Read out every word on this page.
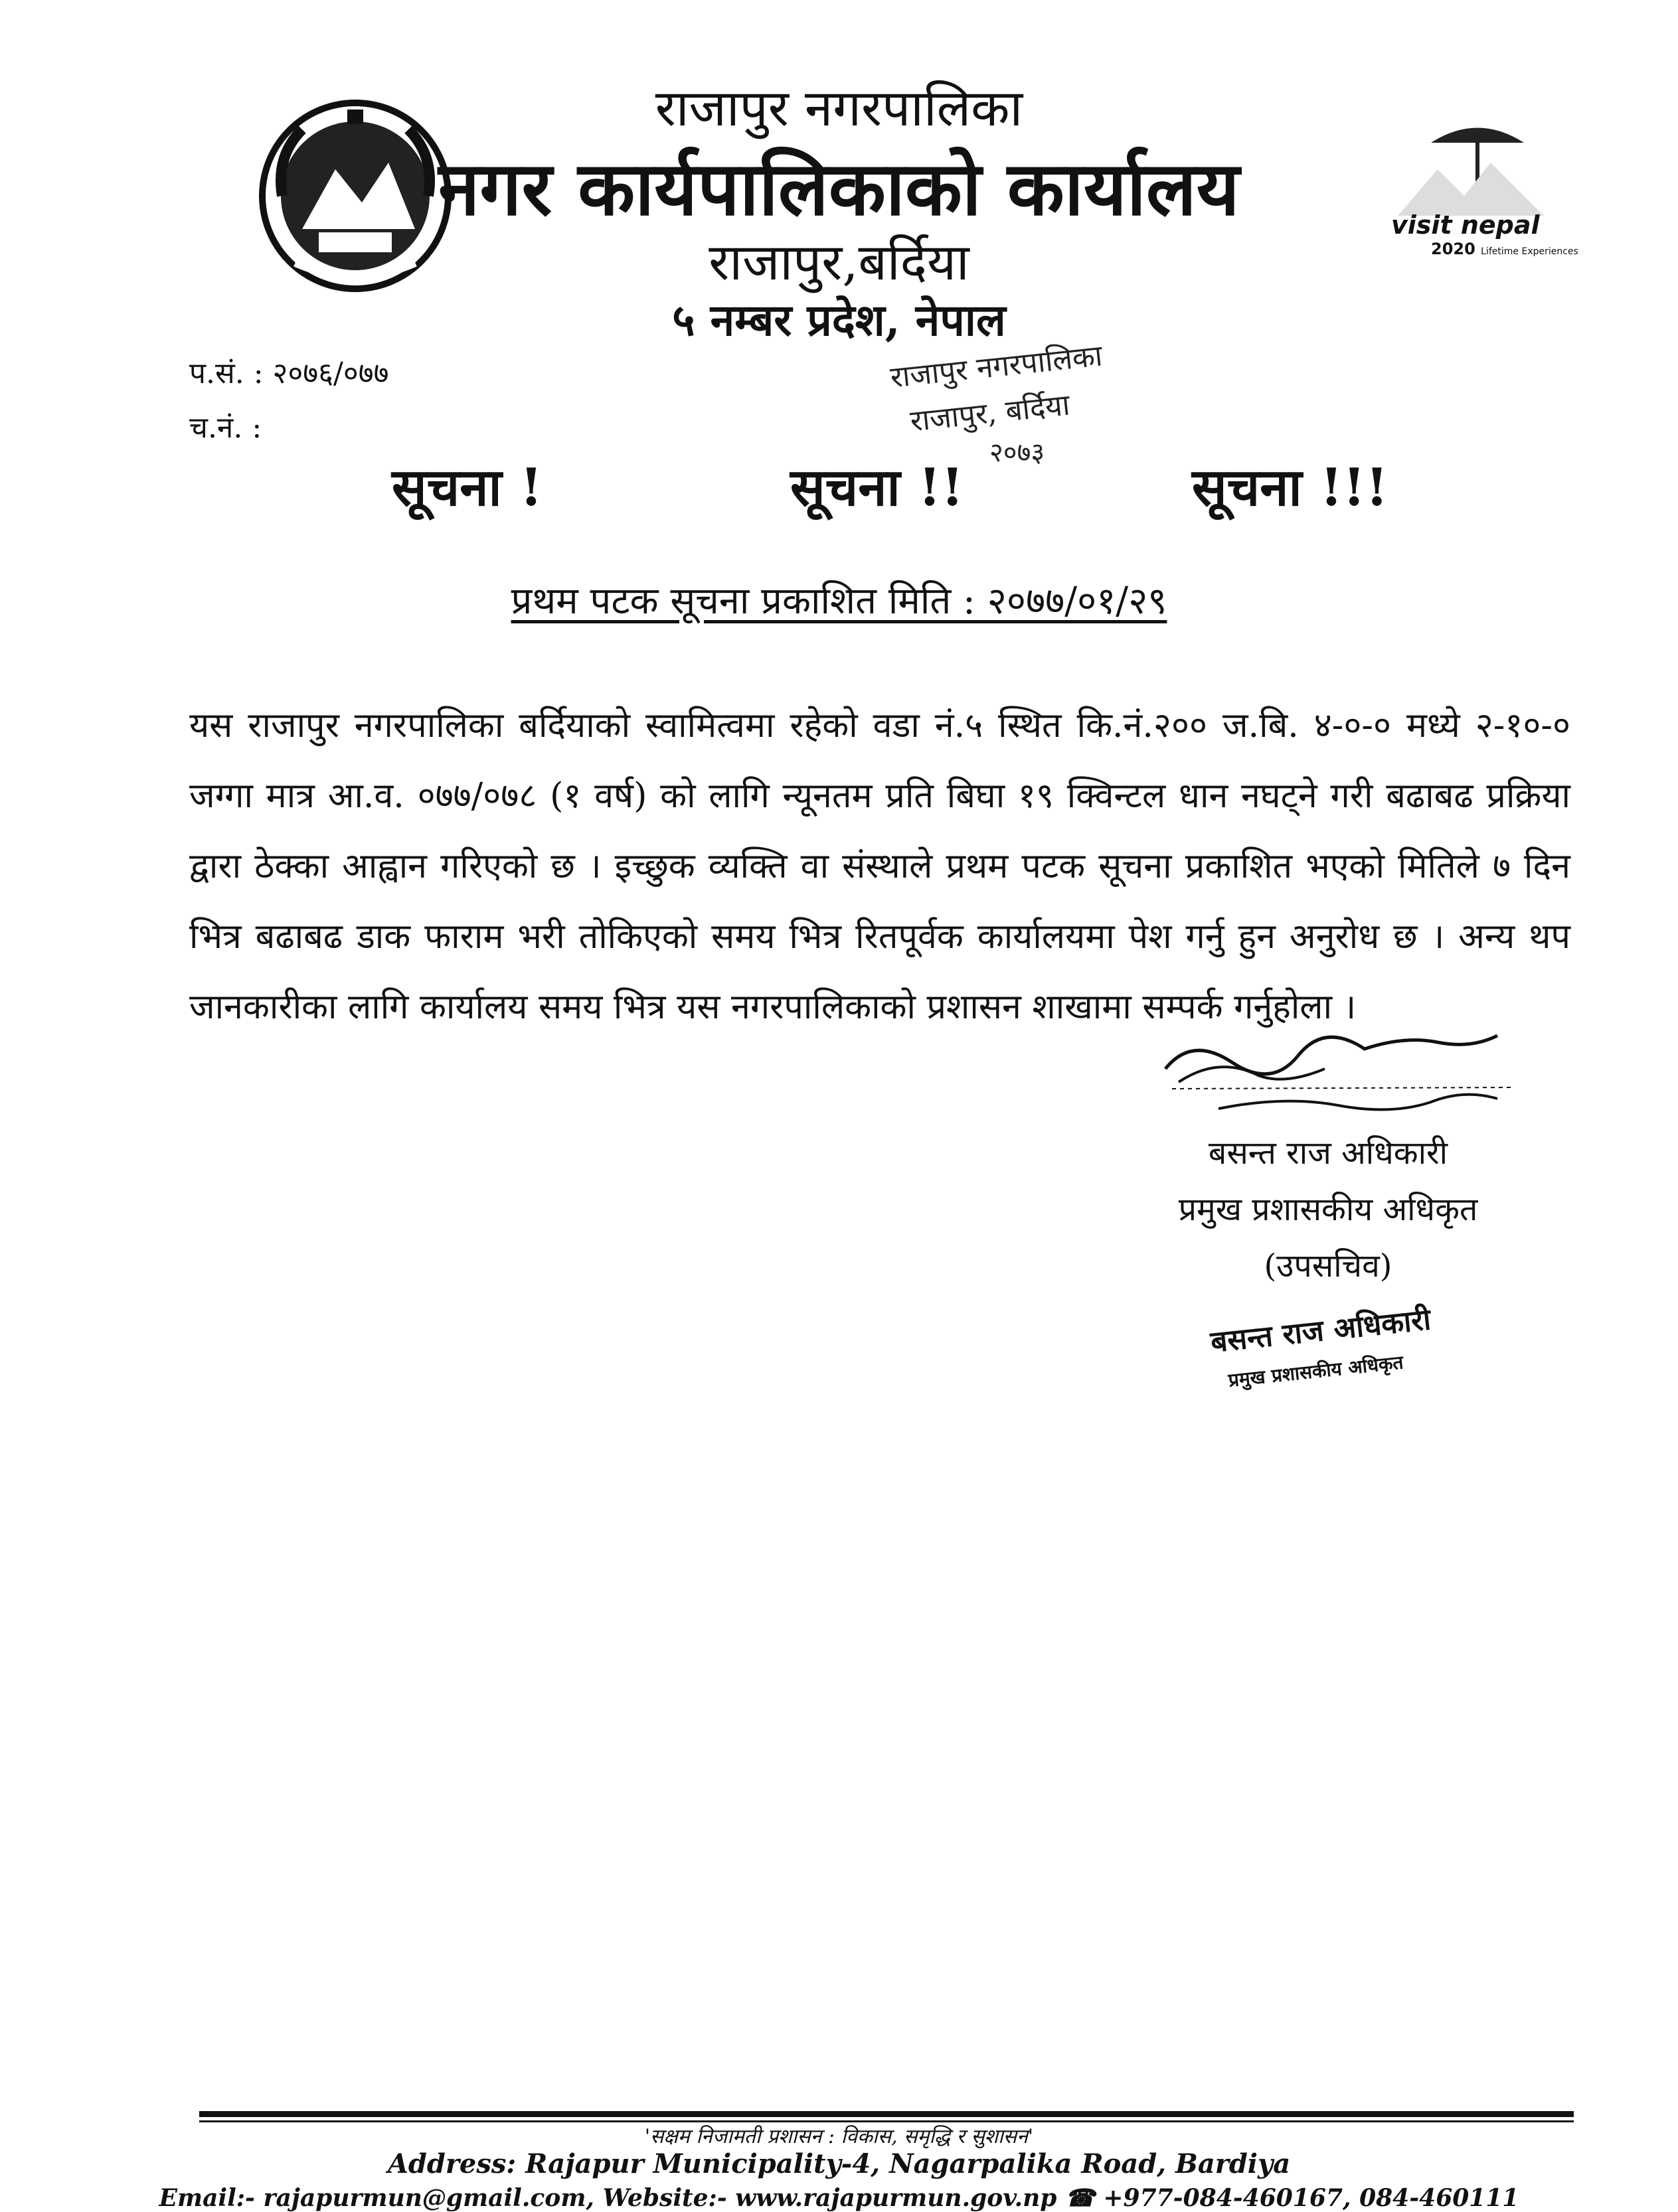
visit nepal
2020 Lifetime Experiences
राजापुर नगरपालिका
नगर कार्यपालिकाको कार्यालय
राजापुर,बर्दिया
५ नम्बर प्रदेश, नेपाल
राजापुर नगरपालिका
राजापुर, बर्दिया
२०७३
प.सं. : २०७६/०७७
च.नं. :
सूचना !	सूचना !!	सूचना !!!
प्रथम पटक सूचना प्रकाशित मिति : २०७७/०१/२९
यस राजापुर नगरपालिका बर्दियाको स्वामित्वमा रहेको वडा नं.५ स्थित कि.नं.२०० ज.बि. ४-०-० मध्ये २-१०-० जग्गा मात्र आ.व. ०७७/०७८ (१ वर्ष) को लागि न्यूनतम प्रति बिघा १९ क्विन्टल धान नघट्ने गरी बढाबढ प्रक्रिया द्वारा ठेक्का आह्वान गरिएको छ । इच्छुक व्यक्ति वा संस्थाले प्रथम पटक सूचना प्रकाशित भएको मितिले ७ दिन भित्र बढाबढ डाक फाराम भरी तोकिएको समय भित्र रितपूर्वक कार्यालयमा पेश गर्नु हुन अनुरोध छ । अन्य थप जानकारीका लागि कार्यालय समय भित्र यस नगरपालिकाको प्रशासन शाखामा सम्पर्क गर्नुहोला ।
बसन्त राज अधिकारी
प्रमुख प्रशासकीय अधिकृत
(उपसचिव)
बसन्त राज अधिकारी
प्रमुख प्रशासकीय अधिकृत
'सक्षम निजामती प्रशासन : विकास, समृद्धि र सुशासन'
Address: Rajapur Municipality-4, Nagarpalika Road, Bardiya
Email:- rajapurmun@gmail.com, Website:- www.rajapurmun.gov.np ☎ +977-084-460167, 084-460111
